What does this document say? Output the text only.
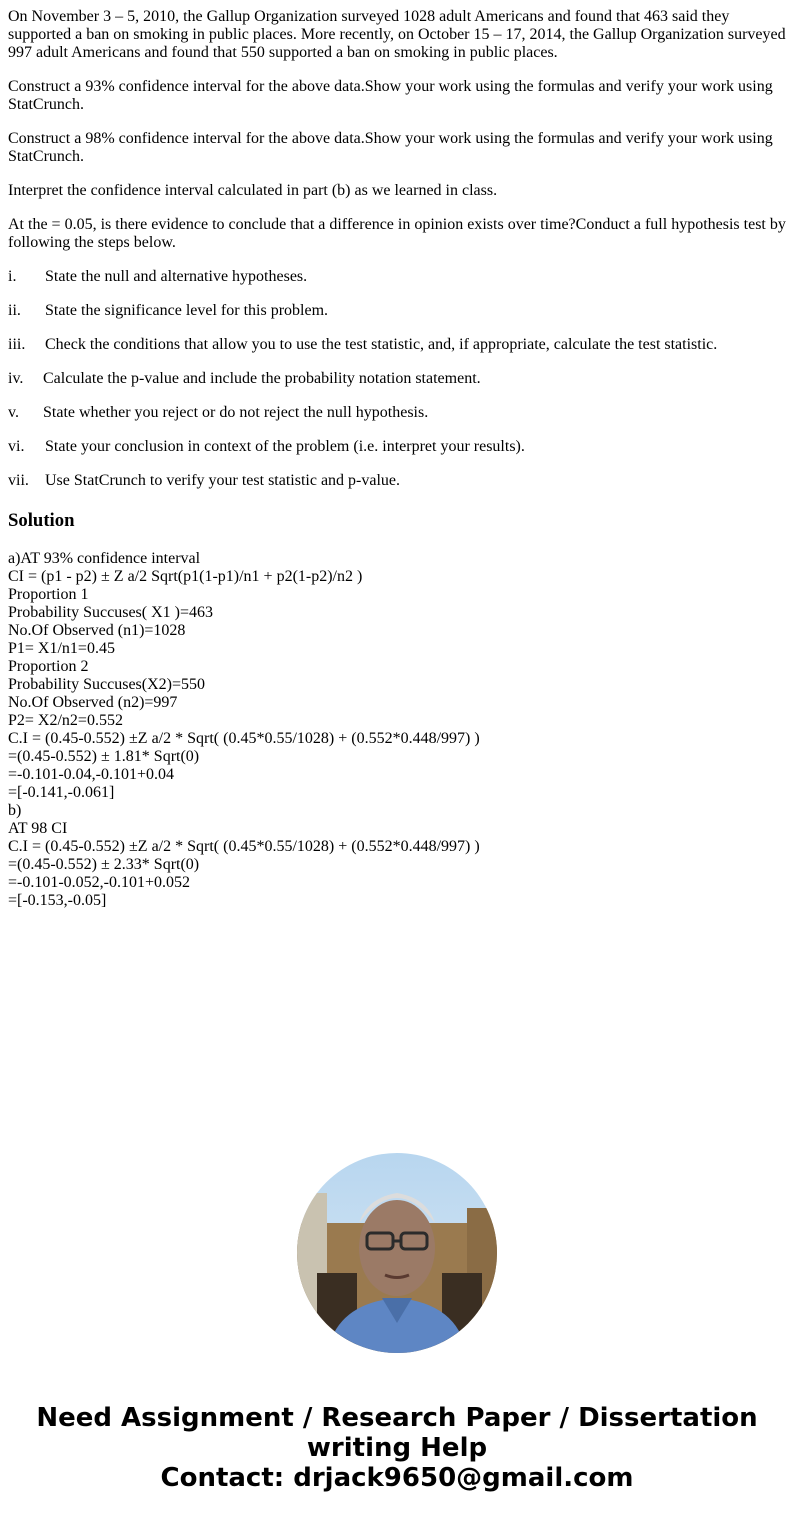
On November 3 – 5, 2010, the Gallup Organization surveyed 1028 adult Americans and found that 463 said they supported a ban on smoking in public places. More recently, on October 15 – 17, 2014, the Gallup Organization surveyed 997 adult Americans and found that 550 supported a ban on smoking in public places.

Construct a 93% confidence interval for the above data.Show your work using the formulas and verify your work using StatCrunch.

Construct a 98% confidence interval for the above data.Show your work using the formulas and verify your work using StatCrunch.

Interpret the confidence interval calculated in part (b) as we learned in class.

At the = 0.05, is there evidence to conclude that a difference in opinion exists over time?Conduct a full hypothesis test by following the steps below.

i. State the null and alternative hypotheses.
ii. State the significance level for this problem.
iii. Check the conditions that allow you to use the test statistic, and, if appropriate, calculate the test statistic.
iv. Calculate the p-value and include the probability notation statement.
v. State whether you reject or do not reject the null hypothesis.
vi. State your conclusion in context of the problem (i.e. interpret your results).
vii. Use StatCrunch to verify your test statistic and p-value.
Solution
a)AT 93% confidence interval
CI = (p1 - p2) ± Z a/2 Sqrt(p1(1-p1)/n1 + p2(1-p2)/n2 )
Proportion 1
Probability Succuses( X1 )=463
No.Of Observed (n1)=1028
P1= X1/n1=0.45
Proportion 2
Probability Succuses(X2)=550
No.Of Observed (n2)=997
P2= X2/n2=0.552
C.I = (0.45-0.552) ±Z a/2 * Sqrt( (0.45*0.55/1028) + (0.552*0.448/997) )
=(0.45-0.552) ± 1.81* Sqrt(0)
=-0.101-0.04,-0.101+0.04
=[-0.141,-0.061]
b)
AT 98 CI
C.I = (0.45-0.552) ±Z a/2 * Sqrt( (0.45*0.55/1028) + (0.552*0.448/997) )
=(0.45-0.552) ± 2.33* Sqrt(0)
=-0.101-0.052,-0.101+0.052
=[-0.153,-0.05]
Need Assignment / Research Paper / Dissertation
writing Help
Contact: drjack9650@gmail.com
